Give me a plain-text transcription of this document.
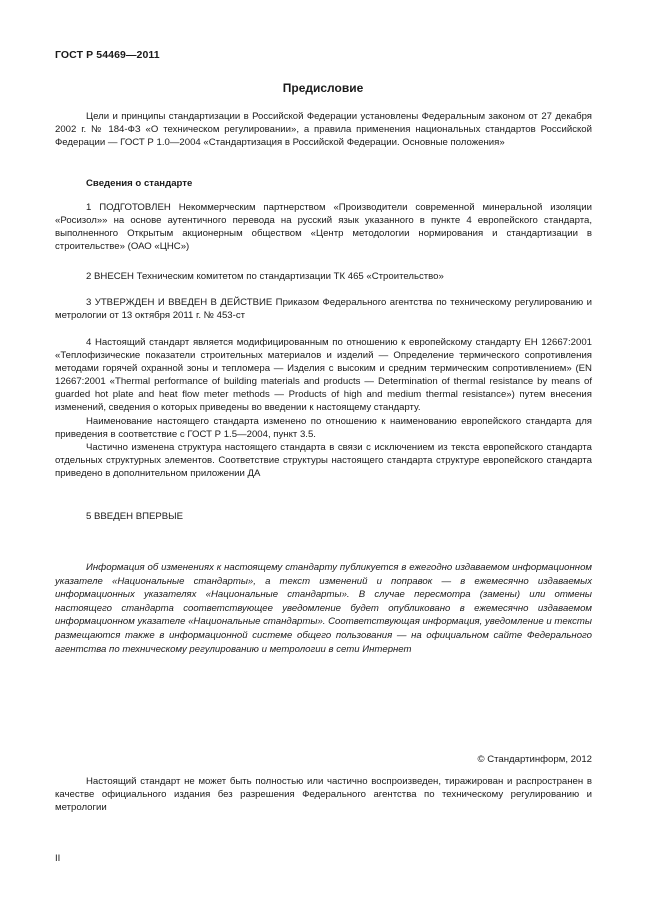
ГОСТ Р 54469—2011
Предисловие

Цели и принципы стандартизации в Российской Федерации установлены Федеральным законом от 27 декабря 2002 г. № 184-ФЗ «О техническом регулировании», а правила применения национальных стандартов Российской Федерации — ГОСТ Р 1.0—2004 «Стандартизация в Российской Федерации. Основные положения»

Сведения о стандарте

1 ПОДГОТОВЛЕН Некоммерческим партнерством «Производители современной минеральной изоляции «Росизол»» на основе аутентичного перевода на русский язык указанного в пункте 4 европейского стандарта, выполненного Открытым акционерным обществом «Центр методологии нормирования и стандартизации в строительстве» (ОАО «ЦНС»)

2 ВНЕСЕН Техническим комитетом по стандартизации ТК 465 «Строительство»

3 УТВЕРЖДЕН И ВВЕДЕН В ДЕЙСТВИЕ Приказом Федерального агентства по техническому регулированию и метрологии от 13 октября 2011 г. № 453-ст

4 Настоящий стандарт является модифицированным по отношению к европейскому стандарту ЕН 12667:2001 «Теплофизические показатели строительных материалов и изделий — Определение термического сопротивления методами горячей охранной зоны и тепломера — Изделия с высоким и средним термическим сопротивлением» (EN 12667:2001 «Thermal performance of building materials and products — Determination of thermal resistance by means of guarded hot plate and heat flow meter methods — Products of high and medium thermal resistance») путем внесения изменений, сведения о которых приведены во введении к настоящему стандарту.

Наименование настоящего стандарта изменено по отношению к наименованию европейского стандарта для приведения в соответствие с ГОСТ Р 1.5—2004, пункт 3.5.

Частично изменена структура настоящего стандарта в связи с исключением из текста европейского стандарта отдельных структурных элементов. Соответствие структуры настоящего стандарта структуре европейского стандарта приведено в дополнительном приложении ДА

5 ВВЕДЕН ВПЕРВЫЕ

Информация об изменениях к настоящему стандарту публикуется в ежегодно издаваемом информационном указателе «Национальные стандарты», а текст изменений и поправок — в ежемесячно издаваемых информационных указателях «Национальные стандарты». В случае пересмотра (замены) или отмены настоящего стандарта соответствующее уведомление будет опубликовано в ежемесячно издаваемом информационном указателе «Национальные стандарты». Соответствующая информация, уведомление и тексты размещаются также в информационной системе общего пользования — на официальном сайте Федерального агентства по техническому регулированию и метрологии в сети Интернет

© Стандартинформ, 2012

Настоящий стандарт не может быть полностью или частично воспроизведен, тиражирован и распространен в качестве официального издания без разрешения Федерального агентства по техническому регулированию и метрологии

II
